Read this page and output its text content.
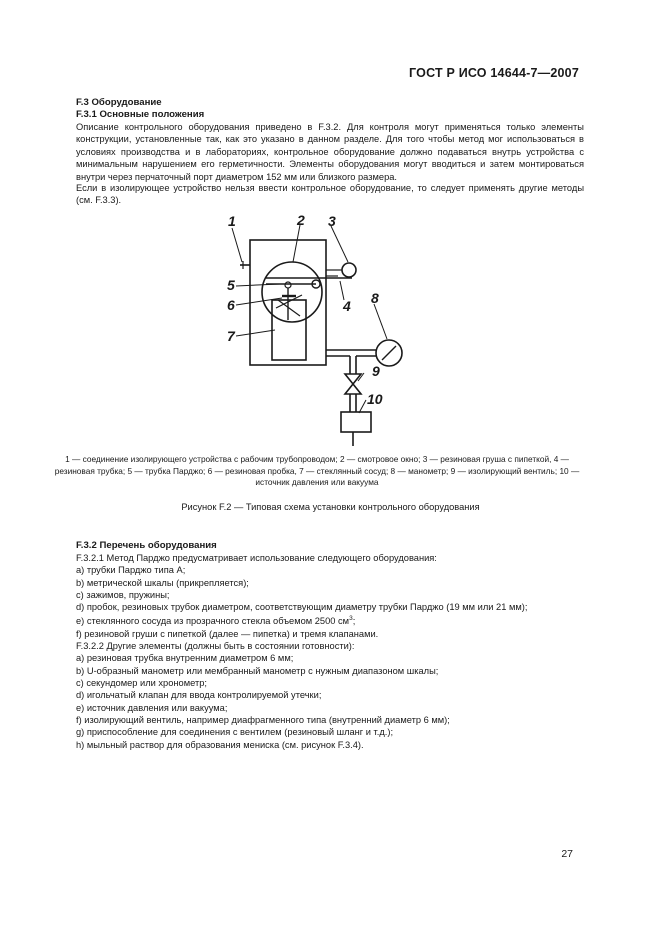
ГОСТ Р ИСО 14644-7—2007
F.3 Оборудование
F.3.1 Основные положения
Описание контрольного оборудования приведено в F.3.2. Для контроля могут применяться только элементы конструкции, установленные так, как это указано в данном разделе. Для того чтобы метод мог использоваться в условиях производства и в лабораториях, контрольное оборудование должно подаваться внутрь устройства с минимальным нарушением его герметичности. Элементы оборудования могут вводиться и затем монтироваться внутри через перчаточный порт диаметром 152 мм или близкого размера.
Если в изолирующее устройство нельзя ввести контрольное оборудование, то следует применять другие методы (см. F.3.3).
1	2 3
4
5
6
7
8
9
10
1 — соединение изолирующего устройства с рабочим трубопроводом; 2 — смотровое окно; 3 — резиновая груша с пипеткой, 4 — резиновая трубка; 5 — трубка Парджо; 6 — резиновая пробка, 7 — стеклянный сосуд; 8 — манометр; 9 — изолирующий вентиль; 10 — источник давления или вакуума
Рисунок F.2 — Типовая схема установки контрольного оборудования
F.3.2 Перечень оборудования
F.3.2.1 Метод Парджо предусматривает использование следующего оборудования:
a) трубки Парджо типа А;
b) метрической шкалы (прикрепляется);
c) зажимов, пружины;
d) пробок, резиновых трубок диаметром, соответствующим диаметру трубки Парджо (19 мм или 21 мм);
e) стеклянного сосуда из прозрачного стекла объемом 2500 $см^3$;
f) резиновой груши с пипеткой (далее — пипетка) и тремя клапанами.
F.3.2.2 Другие элементы (должны быть в состоянии готовности):
a) резиновая трубка внутренним диаметром 6 мм;
b) U-образный манометр или мембранный манометр с нужным диапазоном шкалы;
c) секундомер или хронометр;
d) игольчатый клапан для ввода контролируемой утечки;
e) источник давления или вакуума;
f) изолирующий вентиль, например диафрагменного типа (внутренний диаметр 6 мм);
g) приспособление для соединения с вентилем (резиновый шланг и т.д.);
h) мыльный раствор для образования мениска (см. рисунок F.3.4).
27
